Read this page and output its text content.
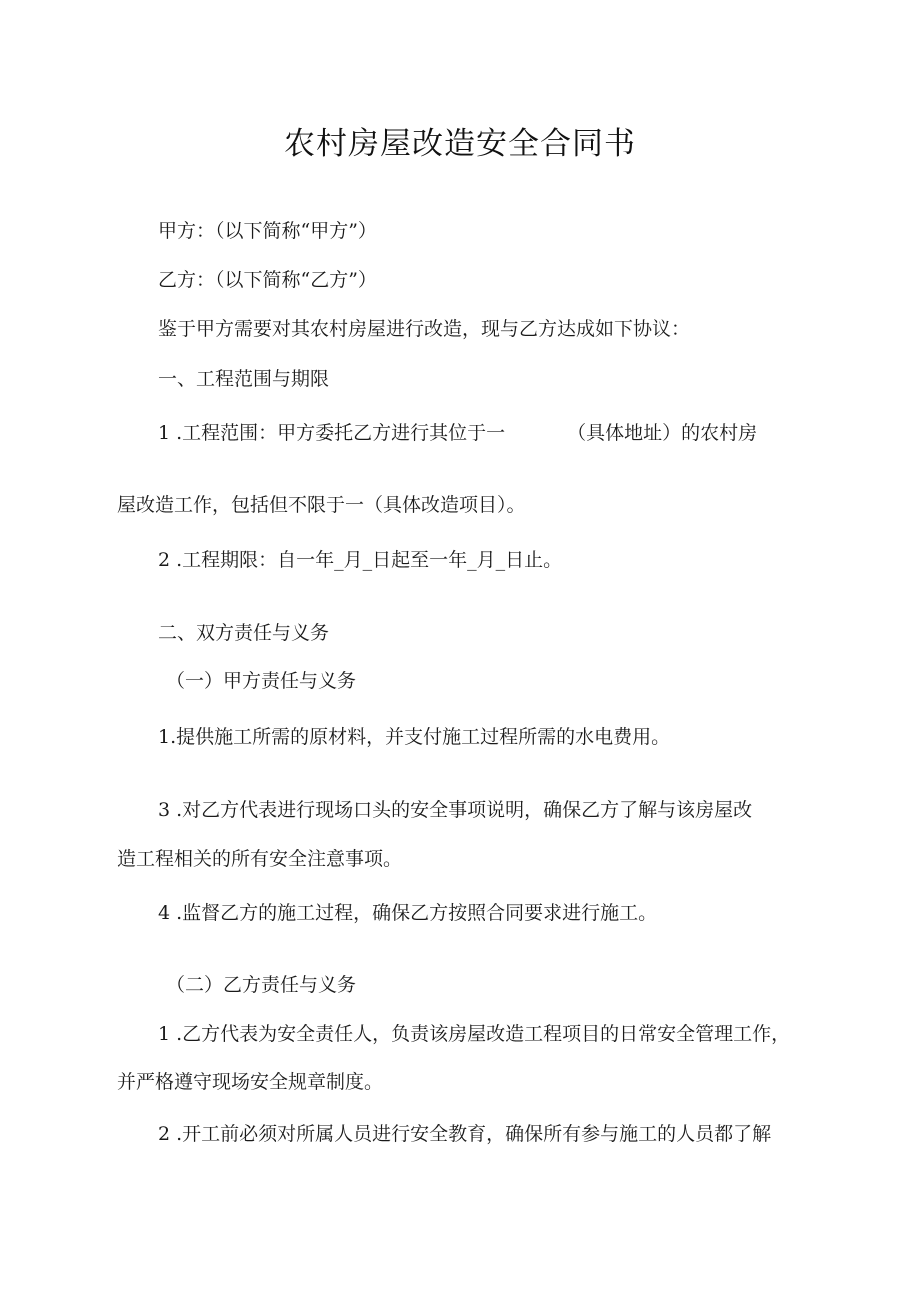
农村房屋改造安全合同书
甲方：（以下简称“甲方”）
乙方：（以下简称“乙方”）
鉴于甲方需要对其农村房屋进行改造，现与乙方达成如下协议：
一、工程范围与期限
1 .工程范围：甲方委托乙方进行其位于一	（具体地址）的农村房
屋改造工作，包括但不限于一（具体改造项目）。
2 .工程期限：自一年_月_日起至一年_月_日止。
二、双方责任与义务
（一）甲方责任与义务
1.提供施工所需的原材料，并支付施工过程所需的水电费用。
3 .对乙方代表进行现场口头的安全事项说明，确保乙方了解与该房屋改
造工程相关的所有安全注意事项。
4 .监督乙方的施工过程，确保乙方按照合同要求进行施工。
（二）乙方责任与义务
1 .乙方代表为安全责任人，负责该房屋改造工程项目的日常安全管理工作，
并严格遵守现场安全规章制度。
2 .开工前必须对所属人员进行安全教育，确保所有参与施工的人员都了解
